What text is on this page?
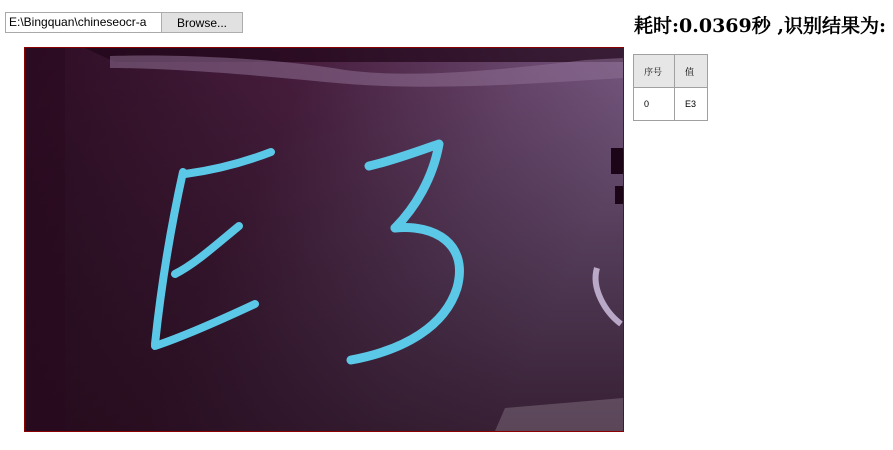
E:\Bingquan\chineseocr-a	Browse...	耗时:0.0369秒 ,识别结果为:
序号	值
0	E3
